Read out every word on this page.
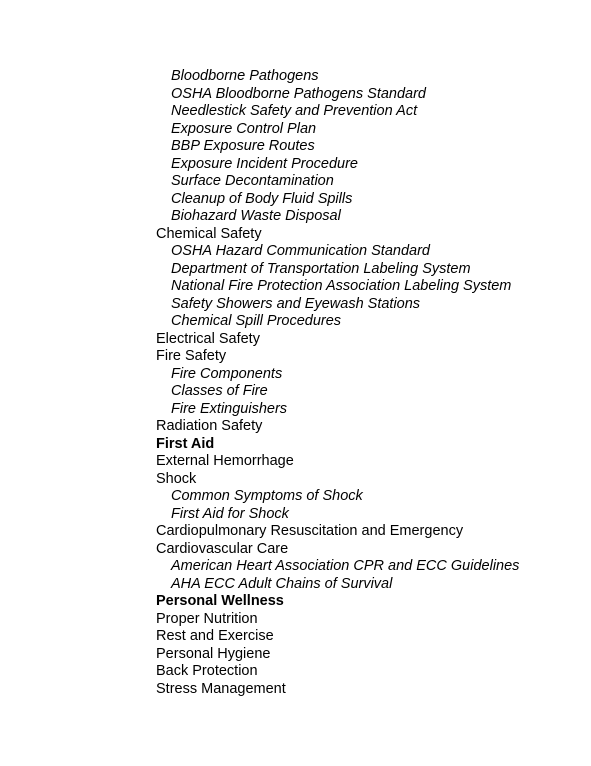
Bloodborne Pathogens
OSHA Bloodborne Pathogens Standard
Needlestick Safety and Prevention Act
Exposure Control Plan
BBP Exposure Routes
Exposure Incident Procedure
Surface Decontamination
Cleanup of Body Fluid Spills
Biohazard Waste Disposal
Chemical Safety
OSHA Hazard Communication Standard
Department of Transportation Labeling System
National Fire Protection Association Labeling System
Safety Showers and Eyewash Stations
Chemical Spill Procedures
Electrical Safety
Fire Safety
Fire Components
Classes of Fire
Fire Extinguishers
Radiation Safety
First Aid
External Hemorrhage
Shock
Common Symptoms of Shock
First Aid for Shock
Cardiopulmonary Resuscitation and Emergency
Cardiovascular Care
American Heart Association CPR and ECC Guidelines
AHA ECC Adult Chains of Survival
Personal Wellness
Proper Nutrition
Rest and Exercise
Personal Hygiene
Back Protection
Stress Management
